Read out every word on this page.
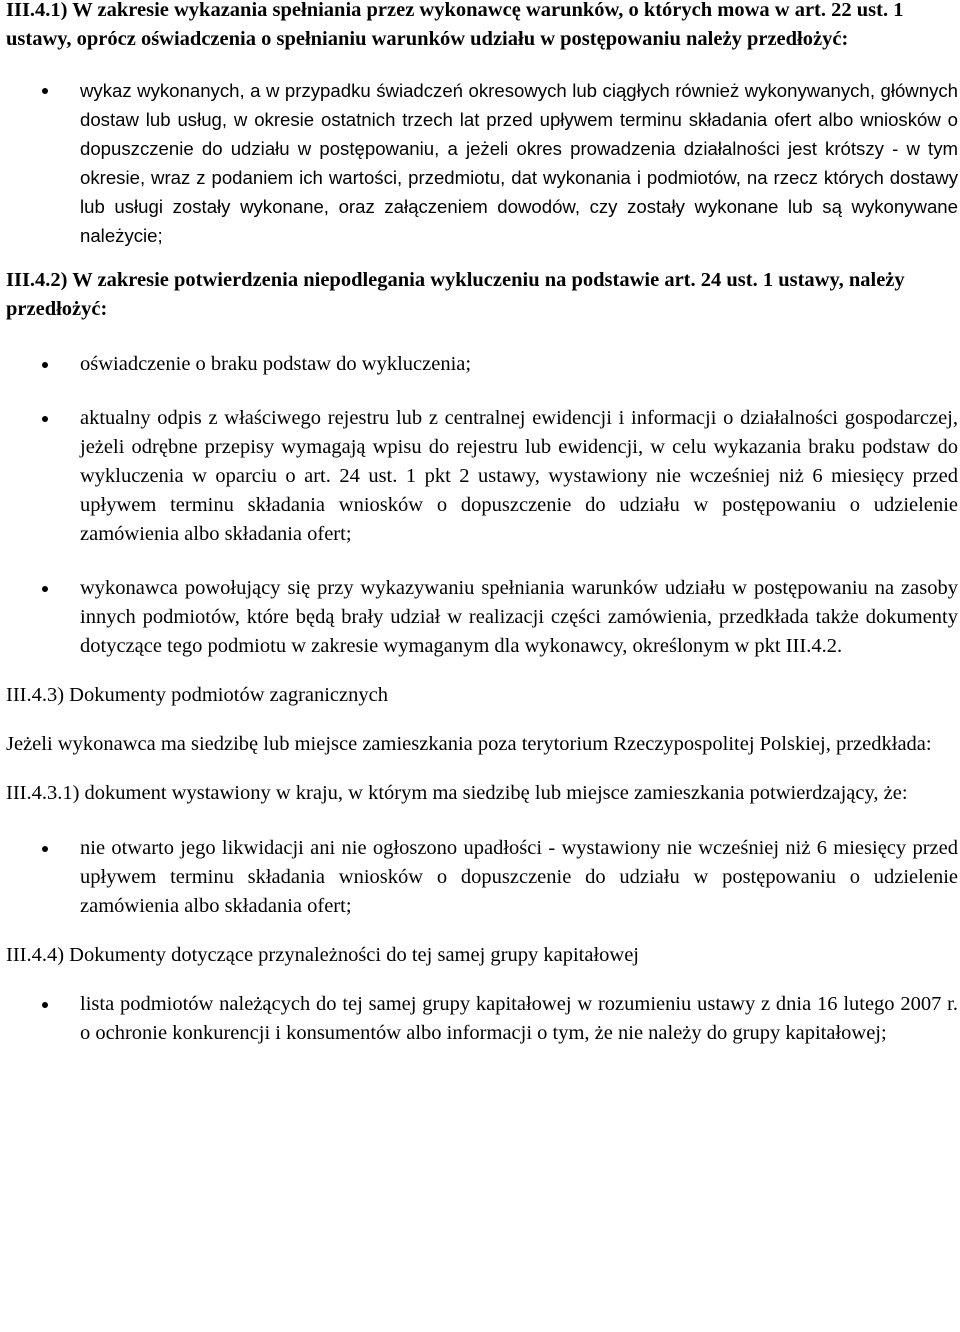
III.4.1) W zakresie wykazania spełniania przez wykonawcę warunków, o których mowa w art. 22 ust. 1 ustawy, oprócz oświadczenia o spełnianiu warunków udziału w postępowaniu należy przedłożyć:

wykaz wykonanych, a w przypadku świadczeń okresowych lub ciągłych również wykonywanych, głównych dostaw lub usług, w okresie ostatnich trzech lat przed upływem terminu składania ofert albo wniosków o dopuszczenie do udziału w postępowaniu, a jeżeli okres prowadzenia działalności jest krótszy - w tym okresie, wraz z podaniem ich wartości, przedmiotu, dat wykonania i podmiotów, na rzecz których dostawy lub usługi zostały wykonane, oraz załączeniem dowodów, czy zostały wykonane lub są wykonywane należycie;

III.4.2) W zakresie potwierdzenia niepodlegania wykluczeniu na podstawie art. 24 ust. 1 ustawy, należy przedłożyć:

oświadczenie o braku podstaw do wykluczenia;
aktualny odpis z właściwego rejestru lub z centralnej ewidencji i informacji o działalności gospodarczej, jeżeli odrębne przepisy wymagają wpisu do rejestru lub ewidencji, w celu wykazania braku podstaw do wykluczenia w oparciu o art. 24 ust. 1 pkt 2 ustawy, wystawiony nie wcześniej niż 6 miesięcy przed upływem terminu składania wniosków o dopuszczenie do udziału w postępowaniu o udzielenie zamówienia albo składania ofert;
wykonawca powołujący się przy wykazywaniu spełniania warunków udziału w postępowaniu na zasoby innych podmiotów, które będą brały udział w realizacji części zamówienia, przedkłada także dokumenty dotyczące tego podmiotu w zakresie wymaganym dla wykonawcy, określonym w pkt III.4.2.

III.4.3) Dokumenty podmiotów zagranicznych

Jeżeli wykonawca ma siedzibę lub miejsce zamieszkania poza terytorium Rzeczypospolitej Polskiej, przedkłada:

III.4.3.1) dokument wystawiony w kraju, w którym ma siedzibę lub miejsce zamieszkania potwierdzający, że:

nie otwarto jego likwidacji ani nie ogłoszono upadłości - wystawiony nie wcześniej niż 6 miesięcy przed upływem terminu składania wniosków o dopuszczenie do udziału w postępowaniu o udzielenie zamówienia albo składania ofert;

III.4.4) Dokumenty dotyczące przynależności do tej samej grupy kapitałowej

lista podmiotów należących do tej samej grupy kapitałowej w rozumieniu ustawy z dnia 16 lutego 2007 r. o ochronie konkurencji i konsumentów albo informacji o tym, że nie należy do grupy kapitałowej;
